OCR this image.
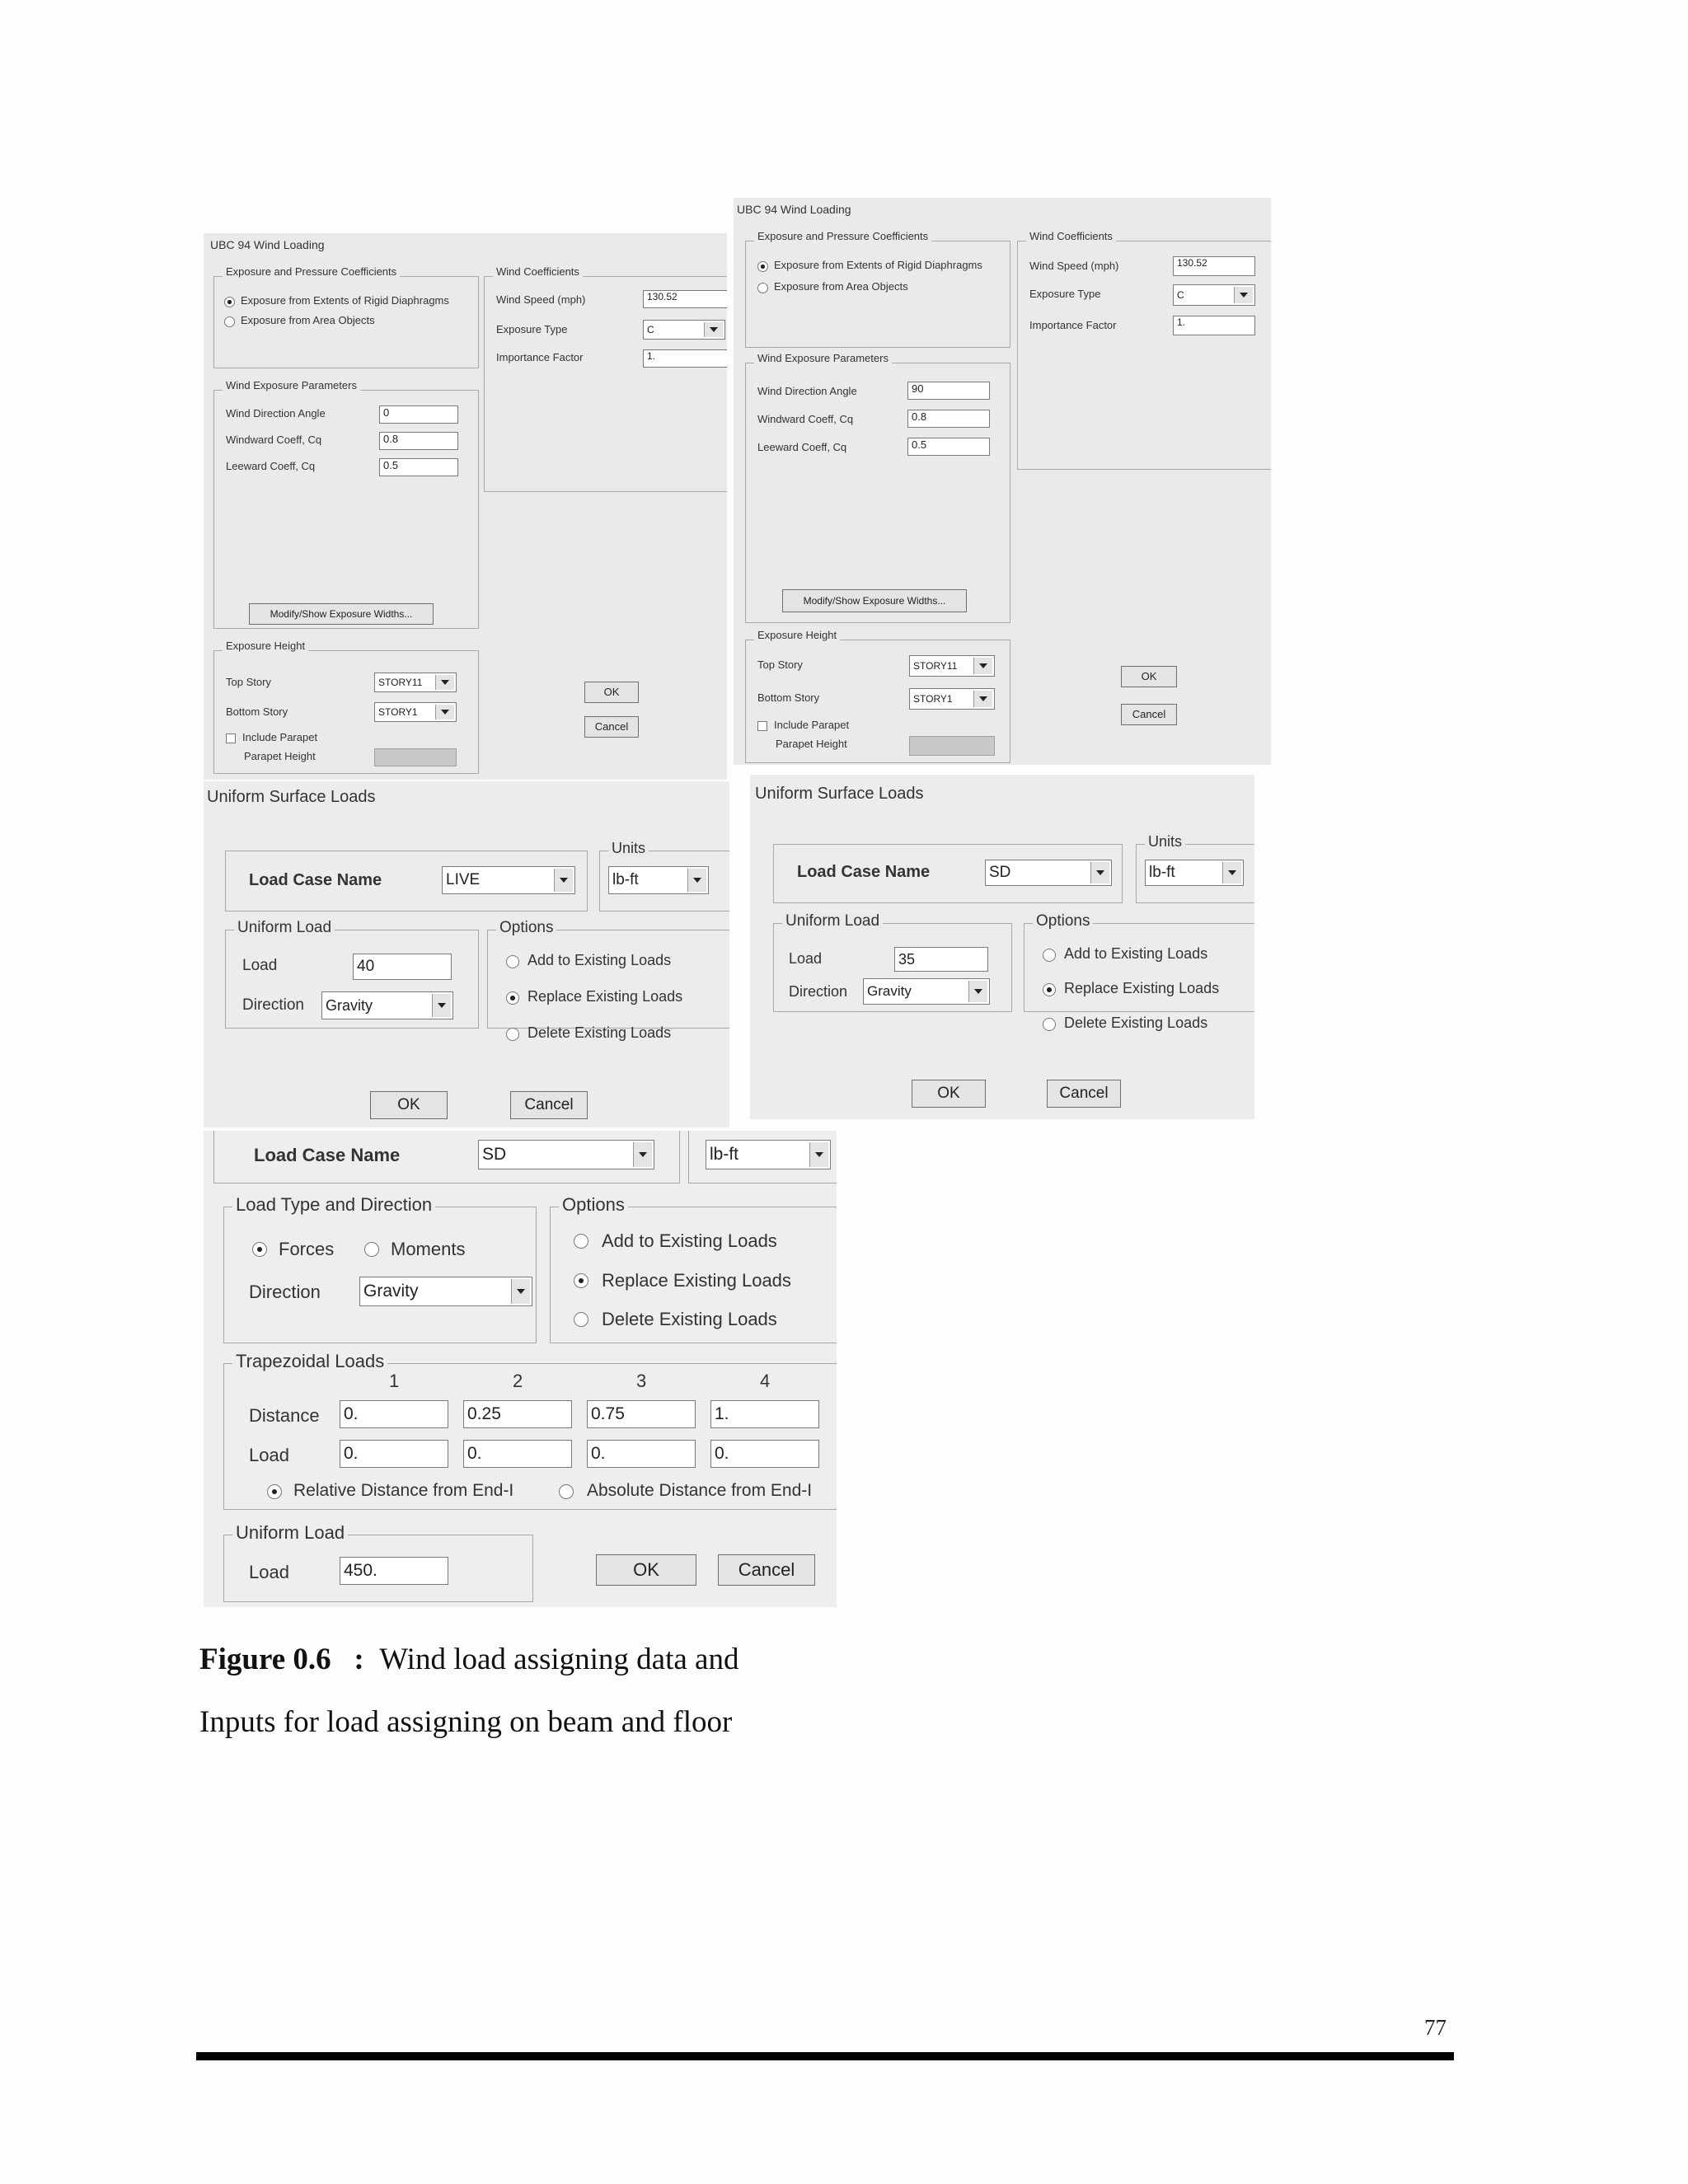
UBC 94 Wind Loading
Exposure and Pressure Coefficients
Exposure from Extents of Rigid Diaphragms
Exposure from Area Objects
Wind Exposure Parameters
Wind Direction Angle	0
Windward Coeff, Cq	0.8
Leeward Coeff, Cq	0.5
Modify/Show Exposure Widths...
Exposure Height
Top Story	STORY11
Bottom Story	STORY1
Include Parapet
Parapet Height
Wind Coefficients
Wind Speed (mph)	130.52
Exposure Type	C
Importance Factor	1.
OK
Cancel
UBC 94 Wind Loading
Exposure and Pressure Coefficients
Exposure from Extents of Rigid Diaphragms
Exposure from Area Objects
Wind Exposure Parameters
Wind Direction Angle	90
Windward Coeff, Cq	0.8
Leeward Coeff, Cq	0.5
Modify/Show Exposure Widths...
Exposure Height
Top Story	STORY11
Bottom Story	STORY1
Include Parapet
Parapet Height
Wind Coefficients
Wind Speed (mph)	130.52
Exposure Type	C
Importance Factor	1.
OK
Cancel
Uniform Surface Loads
Load Case Name	LIVE
Units
lb-ft
Uniform Load
Load	40
Direction Gravity
Options
Add to Existing Loads
Replace Existing Loads
Delete Existing Loads
OK	Cancel
Uniform Surface Loads
Load Case Name	SD
Units
lb-ft
Uniform Load
Load	35
Direction Gravity
Options
Add to Existing Loads
Replace Existing Loads
Delete Existing Loads
OK	Cancel
Load Case Name	SD	lb-ft
Load Type and Direction
Forces	Moments
Direction Gravity
Options
Add to Existing Loads
Replace Existing Loads
Delete Existing Loads
Trapezoidal Loads
1	2	3	4
Distance 0.	0.25	0.75	1.
Load	0.	0.	0.	0.
Relative Distance from End-I	Absolute Distance from End-I
Uniform Load
Load	450.	OK	Cancel
Figure 0.6 : Wind load assigning data and
Inputs for load assigning on beam and floor
77
